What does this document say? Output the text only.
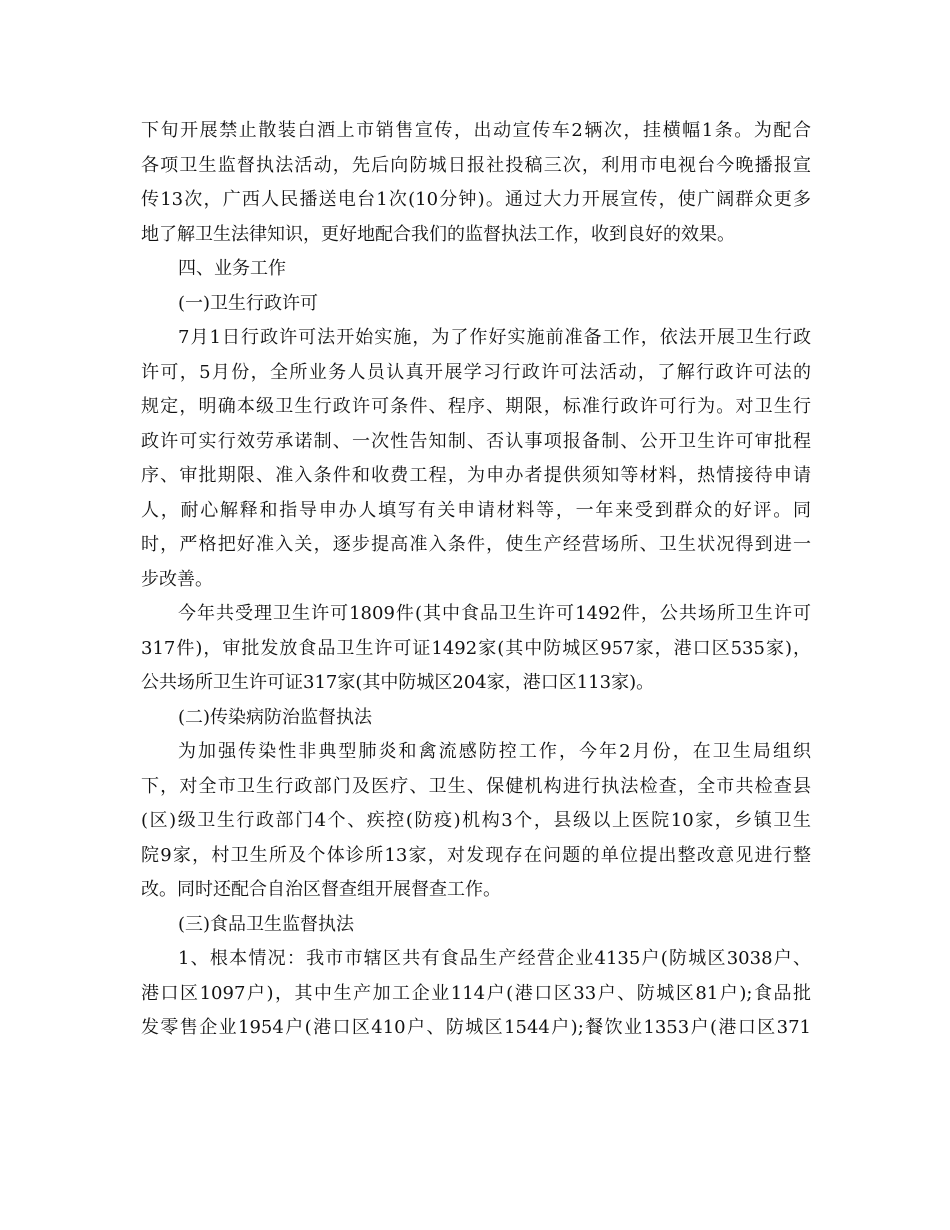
下旬开展禁止散装白酒上市销售宣传，出动宣传车2辆次，挂横幅1条。为配合
各项卫生监督执法活动，先后向防城日报社投稿三次，利用市电视台今晚播报宣
传13次，广西人民播送电台1次(10分钟)。通过大力开展宣传，使广阔群众更多
地了解卫生法律知识，更好地配合我们的监督执法工作，收到良好的效果。
四、业务工作
(一)卫生行政许可
7月1日行政许可法开始实施，为了作好实施前准备工作，依法开展卫生行政
许可，5月份，全所业务人员认真开展学习行政许可法活动，了解行政许可法的
规定，明确本级卫生行政许可条件、程序、期限，标准行政许可行为。对卫生行
政许可实行效劳承诺制、一次性告知制、否认事项报备制、公开卫生许可审批程
序、审批期限、准入条件和收费工程，为申办者提供须知等材料，热情接待申请
人，耐心解释和指导申办人填写有关申请材料等，一年来受到群众的好评。同
时，严格把好准入关，逐步提高准入条件，使生产经营场所、卫生状况得到进一
步改善。
今年共受理卫生许可1809件(其中食品卫生许可1492件，公共场所卫生许可
317件)，审批发放食品卫生许可证1492家(其中防城区957家，港口区535家)，
公共场所卫生许可证317家(其中防城区204家，港口区113家)。
(二)传染病防治监督执法
为加强传染性非典型肺炎和禽流感防控工作，今年2月份，在卫生局组织
下，对全市卫生行政部门及医疗、卫生、保健机构进行执法检查，全市共检查县
(区)级卫生行政部门4个、疾控(防疫)机构3个，县级以上医院10家，乡镇卫生
院9家，村卫生所及个体诊所13家，对发现存在问题的单位提出整改意见进行整
改。同时还配合自治区督查组开展督查工作。
(三)食品卫生监督执法
1、根本情况：我市市辖区共有食品生产经营企业4135户(防城区3038户、
港口区1097户)，其中生产加工企业114户(港口区33户、防城区81户);食品批
发零售企业1954户(港口区410户、防城区1544户);餐饮业1353户(港口区371
